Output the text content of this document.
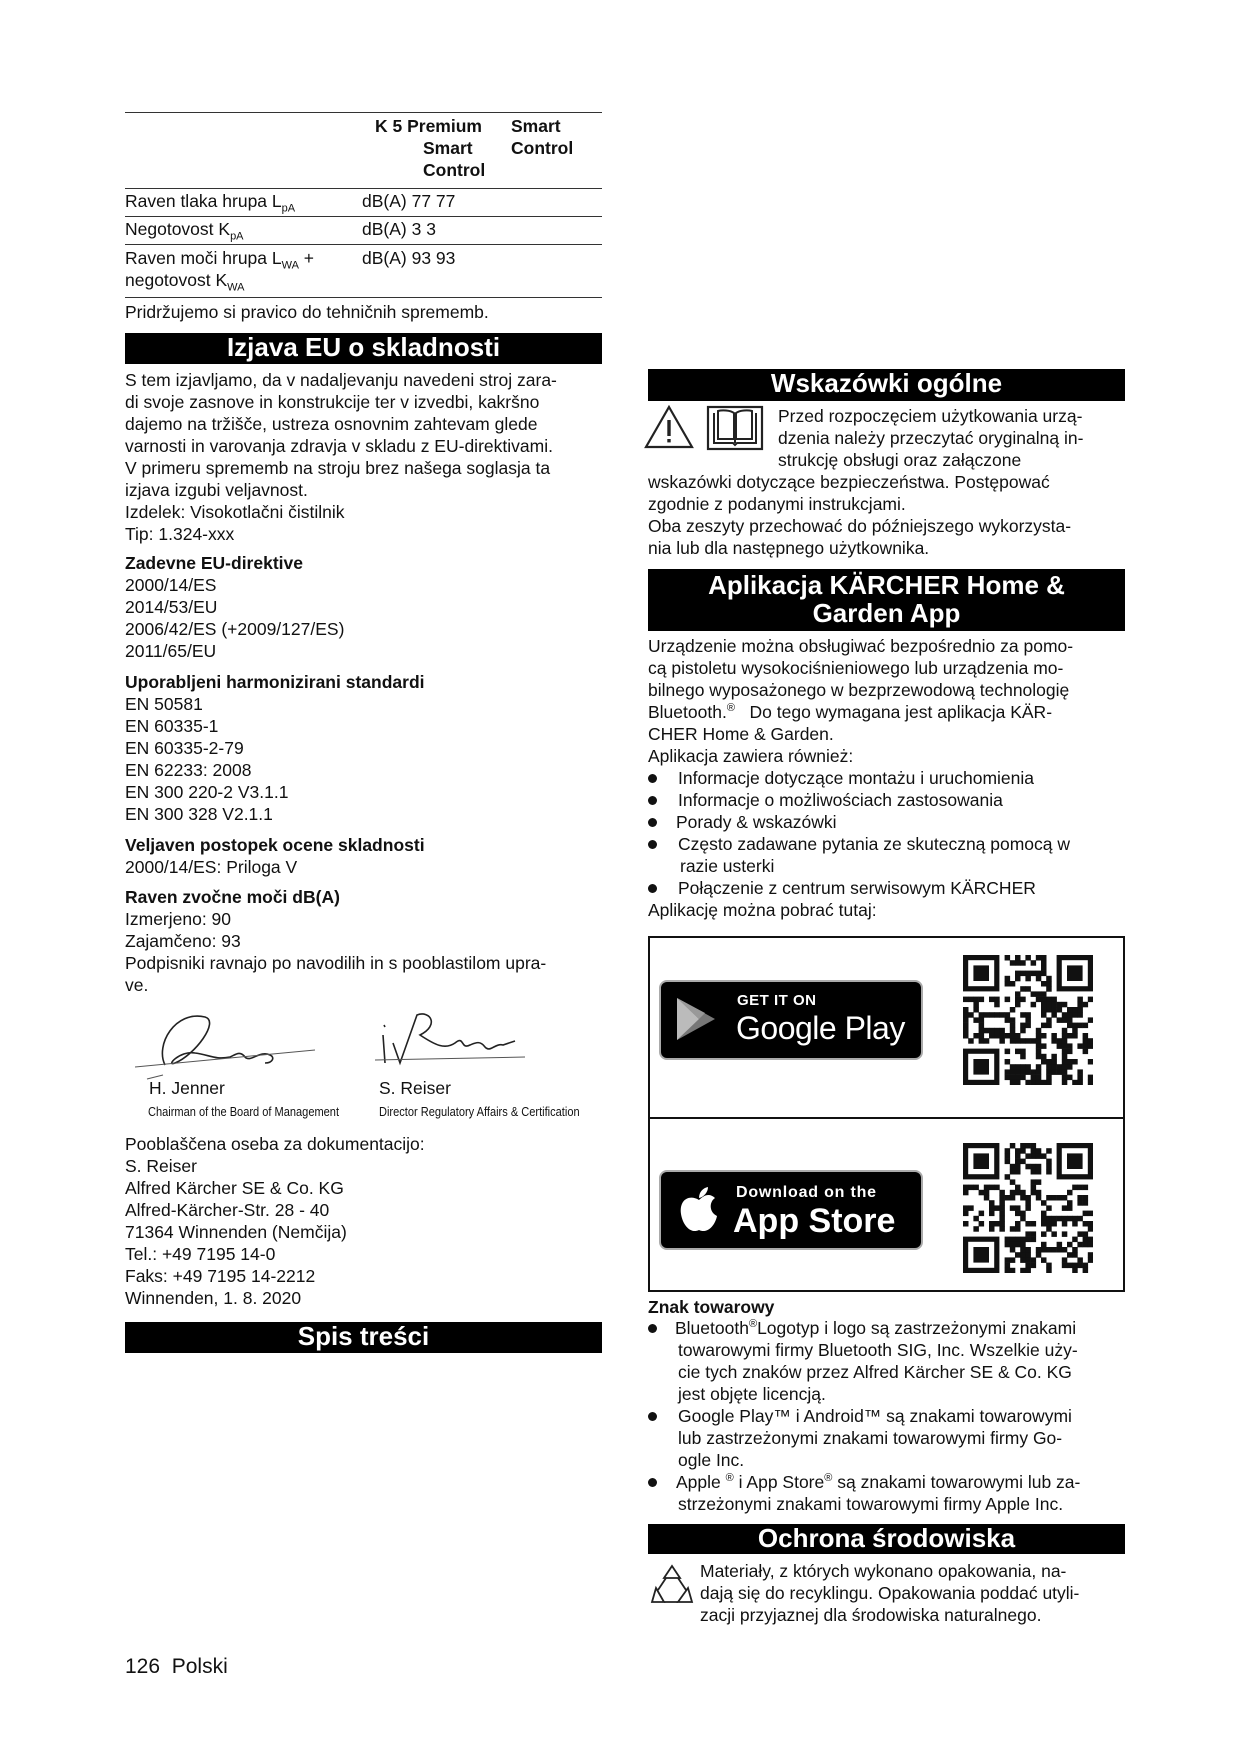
K 5 Premium
Smart
Control
Smart
Control
Raven tlaka hrupa $L_{pA}$	dB(A) 77 77
Negotovost $K_{pA}$	dB(A) 3 3
Raven moči hrupa $L_{WA}$ +
negotovost $K_{WA}$
dB(A) 93 93
Pridržujemo si pravico do tehničnih sprememb.
Izjava EU o skladnosti
S tem izjavljamo, da v nadaljevanju navedeni stroj zara-
di svoje zasnove in konstrukcije ter v izvedbi, kakršno
dajemo na tržišče, ustreza osnovnim zahtevam glede
varnosti in varovanja zdravja v skladu z EU-direktivami.
V primeru sprememb na stroju brez našega soglasja ta
izjava izgubi veljavnost.
Izdelek: Visokotlačni čistilnik
Tip: 1.324-xxx
Zadevne EU-direktive
2000/14/ES
2014/53/EU
2006/42/ES (+2009/127/ES)
2011/65/EU
Uporabljeni harmonizirani standardi
EN 50581
EN 60335-1
EN 60335-2-79
EN 62233: 2008
EN 300 220-2 V3.1.1
EN 300 328 V2.1.1
Veljaven postopek ocene skladnosti
2000/14/ES: Priloga V
Raven zvočne moči dB(A)
Izmerjeno: 90
Zajamčeno: 93
Podpisniki ravnajo po navodilih in s pooblastilom upra-
ve.
H. Jenner
Chairman of the Board of Management
S. Reiser
Director Regulatory Affairs & Certification
Pooblaščena oseba za dokumentacijo:
S. Reiser
Alfred Kärcher SE & Co. KG
Alfred-Kärcher-Str. 28 - 40
71364 Winnenden (Nemčija)
Tel.: +49 7195 14-0
Faks: +49 7195 14-2212
Winnenden, 1. 8. 2020
Spis treści
126 Polski
Wskazówki ogólne
Przed rozpoczęciem użytkowania urzą-
dzenia należy przeczytać oryginalną in-
strukcję obsługi oraz załączone
wskazówki dotyczące bezpieczeństwa. Postępować
zgodnie z podanymi instrukcjami.
Oba zeszyty przechować do późniejszego wykorzysta-
nia lub dla następnego użytkownika.
Aplikacja KÄRCHER Home &
Garden App
Urządzenie można obsługiwać bezpośrednio za pomo-
cą pistoletu wysokociśnieniowego lub urządzenia mo-
bilnego wyposażonego w bezprzewodową technologię
Bluetooth.® Do tego wymagana jest aplikacja KÄR-
CHER Home & Garden.
Aplikacja zawiera również:
Informacje dotyczące montażu i uruchomienia
Informacje o możliwościach zastosowania
Porady & wskazówki
Często zadawane pytania ze skuteczną pomocą w
razie usterki
Połączenie z centrum serwisowym KÄRCHER
Aplikację można pobrać tutaj:
GET IT ON
Google Play
Download on the
App Store
Znak towarowy
Bluetooth®Logotyp i logo są zastrzeżonymi znakami
towarowymi firmy Bluetooth SIG, Inc. Wszelkie uży-
cie tych znaków przez Alfred Kärcher SE & Co. KG
jest objęte licencją.
Google Play™ i Android™ są znakami towarowymi
lub zastrzeżonymi znakami towarowymi firmy Go-
ogle Inc.
Apple ® i App Store® są znakami towarowymi lub za-
strzeżonymi znakami towarowymi firmy Apple Inc.
Ochrona środowiska
Materiały, z których wykonano opakowania, na-
dają się do recyklingu. Opakowania poddać utyli-
zacji przyjaznej dla środowiska naturalnego.
